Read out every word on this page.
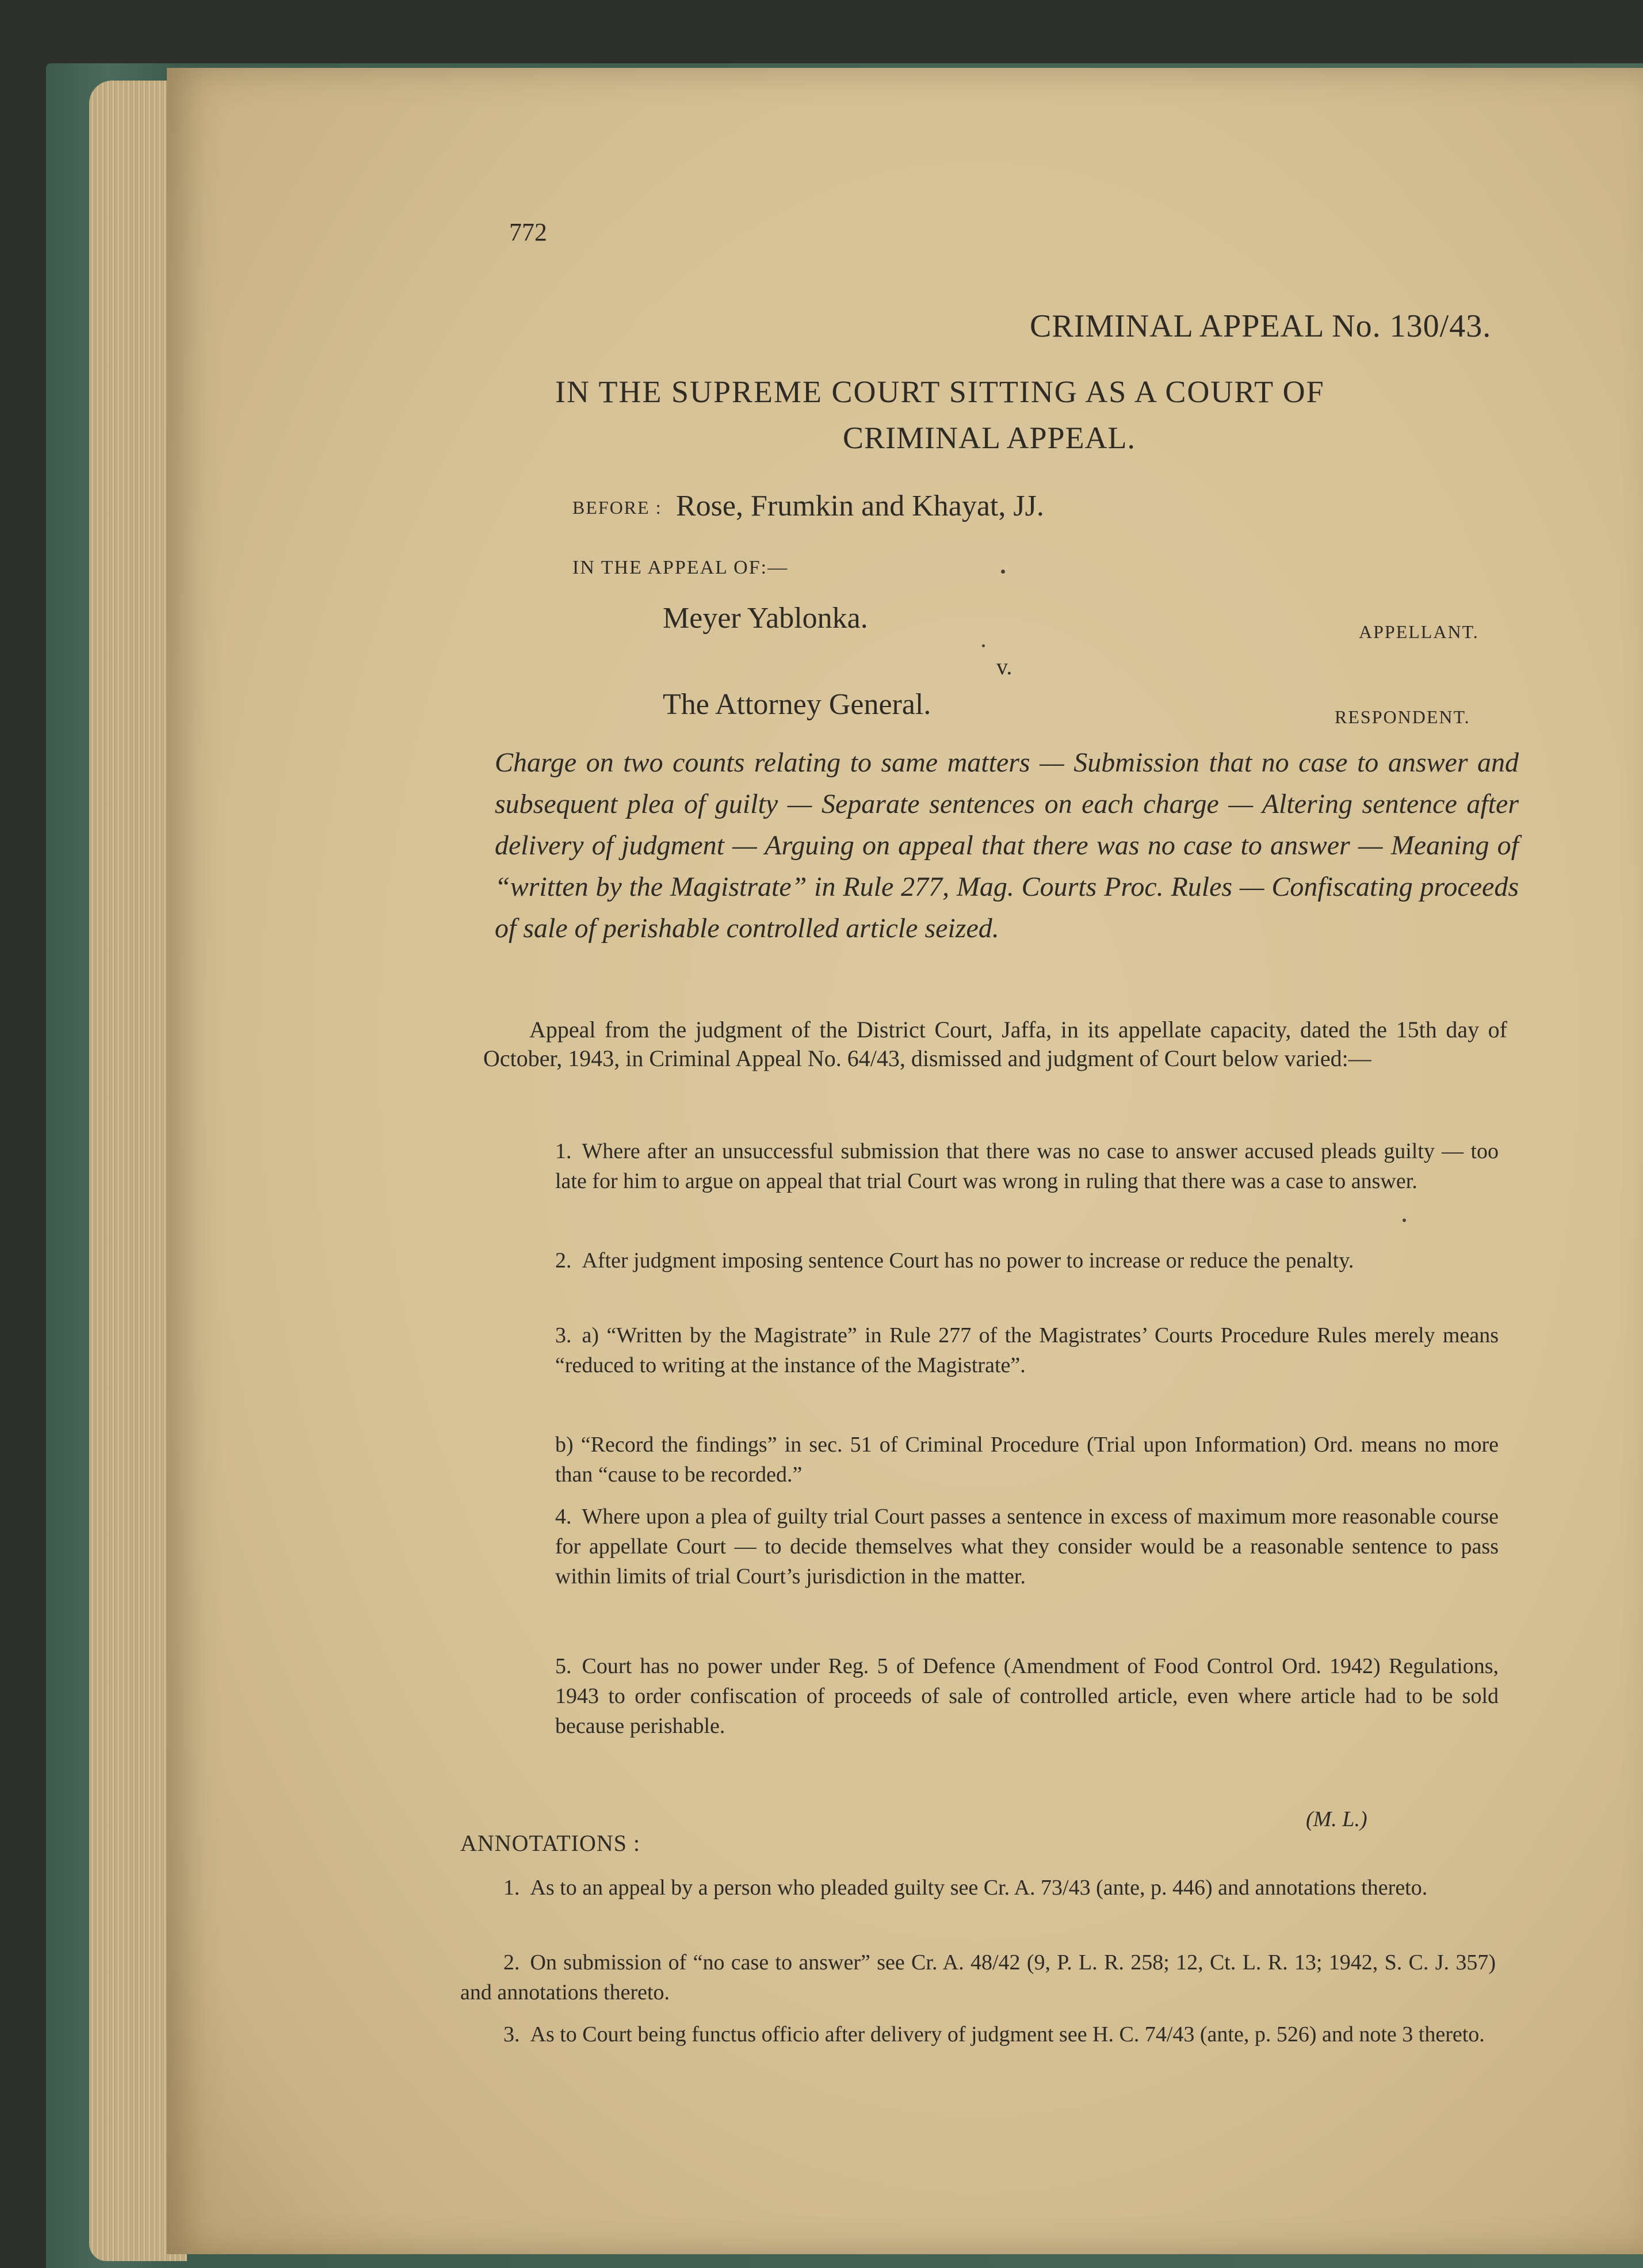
772
CRIMINAL APPEAL No. 130/43.
IN THE SUPREME COURT SITTING AS A COURT OF
CRIMINAL APPEAL.
BEFORE : Rose, Frumkin and Khayat, JJ.
IN THE APPEAL OF:—
Meyer Yablonka.	APPELLANT.
v.
The Attorney General.	RESPONDENT.
Charge on two counts relating to same matters — Submission that no case to answer and subsequent plea of guilty — Separate sentences on each charge — Altering sentence after delivery of judgment — Arguing on appeal that there was no case to answer — Meaning of “written by the Magistrate” in Rule 277, Mag. Courts Proc. Rules — Confiscating proceeds of sale of perishable controlled article seized.
Appeal from the judgment of the District Court, Jaffa, in its appellate capacity, dated the 15th day of October, 1943, in Criminal Appeal No. 64/43, dismissed and judgment of Court below varied:—
1. Where after an unsuccessful submission that there was no case to answer accused pleads guilty — too late for him to argue on appeal that trial Court was wrong in ruling that there was a case to answer.
2. After judgment imposing sentence Court has no power to increase or reduce the penalty.
3. a) “Written by the Magistrate” in Rule 277 of the Magistrates’ Courts Procedure Rules merely means “reduced to writing at the instance of the Magistrate”.
b) “Record the findings” in sec. 51 of Criminal Procedure (Trial upon Information) Ord. means no more than “cause to be recorded.”
4. Where upon a plea of guilty trial Court passes a sentence in excess of maximum more reasonable course for appellate Court — to decide themselves what they consider would be a reasonable sentence to pass within limits of trial Court’s jurisdiction in the matter.
5. Court has no power under Reg. 5 of Defence (Amendment of Food Control Ord. 1942) Regulations, 1943 to order confiscation of proceeds of sale of controlled article, even where article had to be sold because perishable.
(M. L.)
ANNOTATIONS :
1. As to an appeal by a person who pleaded guilty see Cr. A. 73/43 (ante, p. 446) and annotations thereto.
2. On submission of “no case to answer” see Cr. A. 48/42 (9, P. L. R. 258; 12, Ct. L. R. 13; 1942, S. C. J. 357) and annotations thereto.
3. As to Court being functus officio after delivery of judgment see H. C. 74/43 (ante, p. 526) and note 3 thereto.
